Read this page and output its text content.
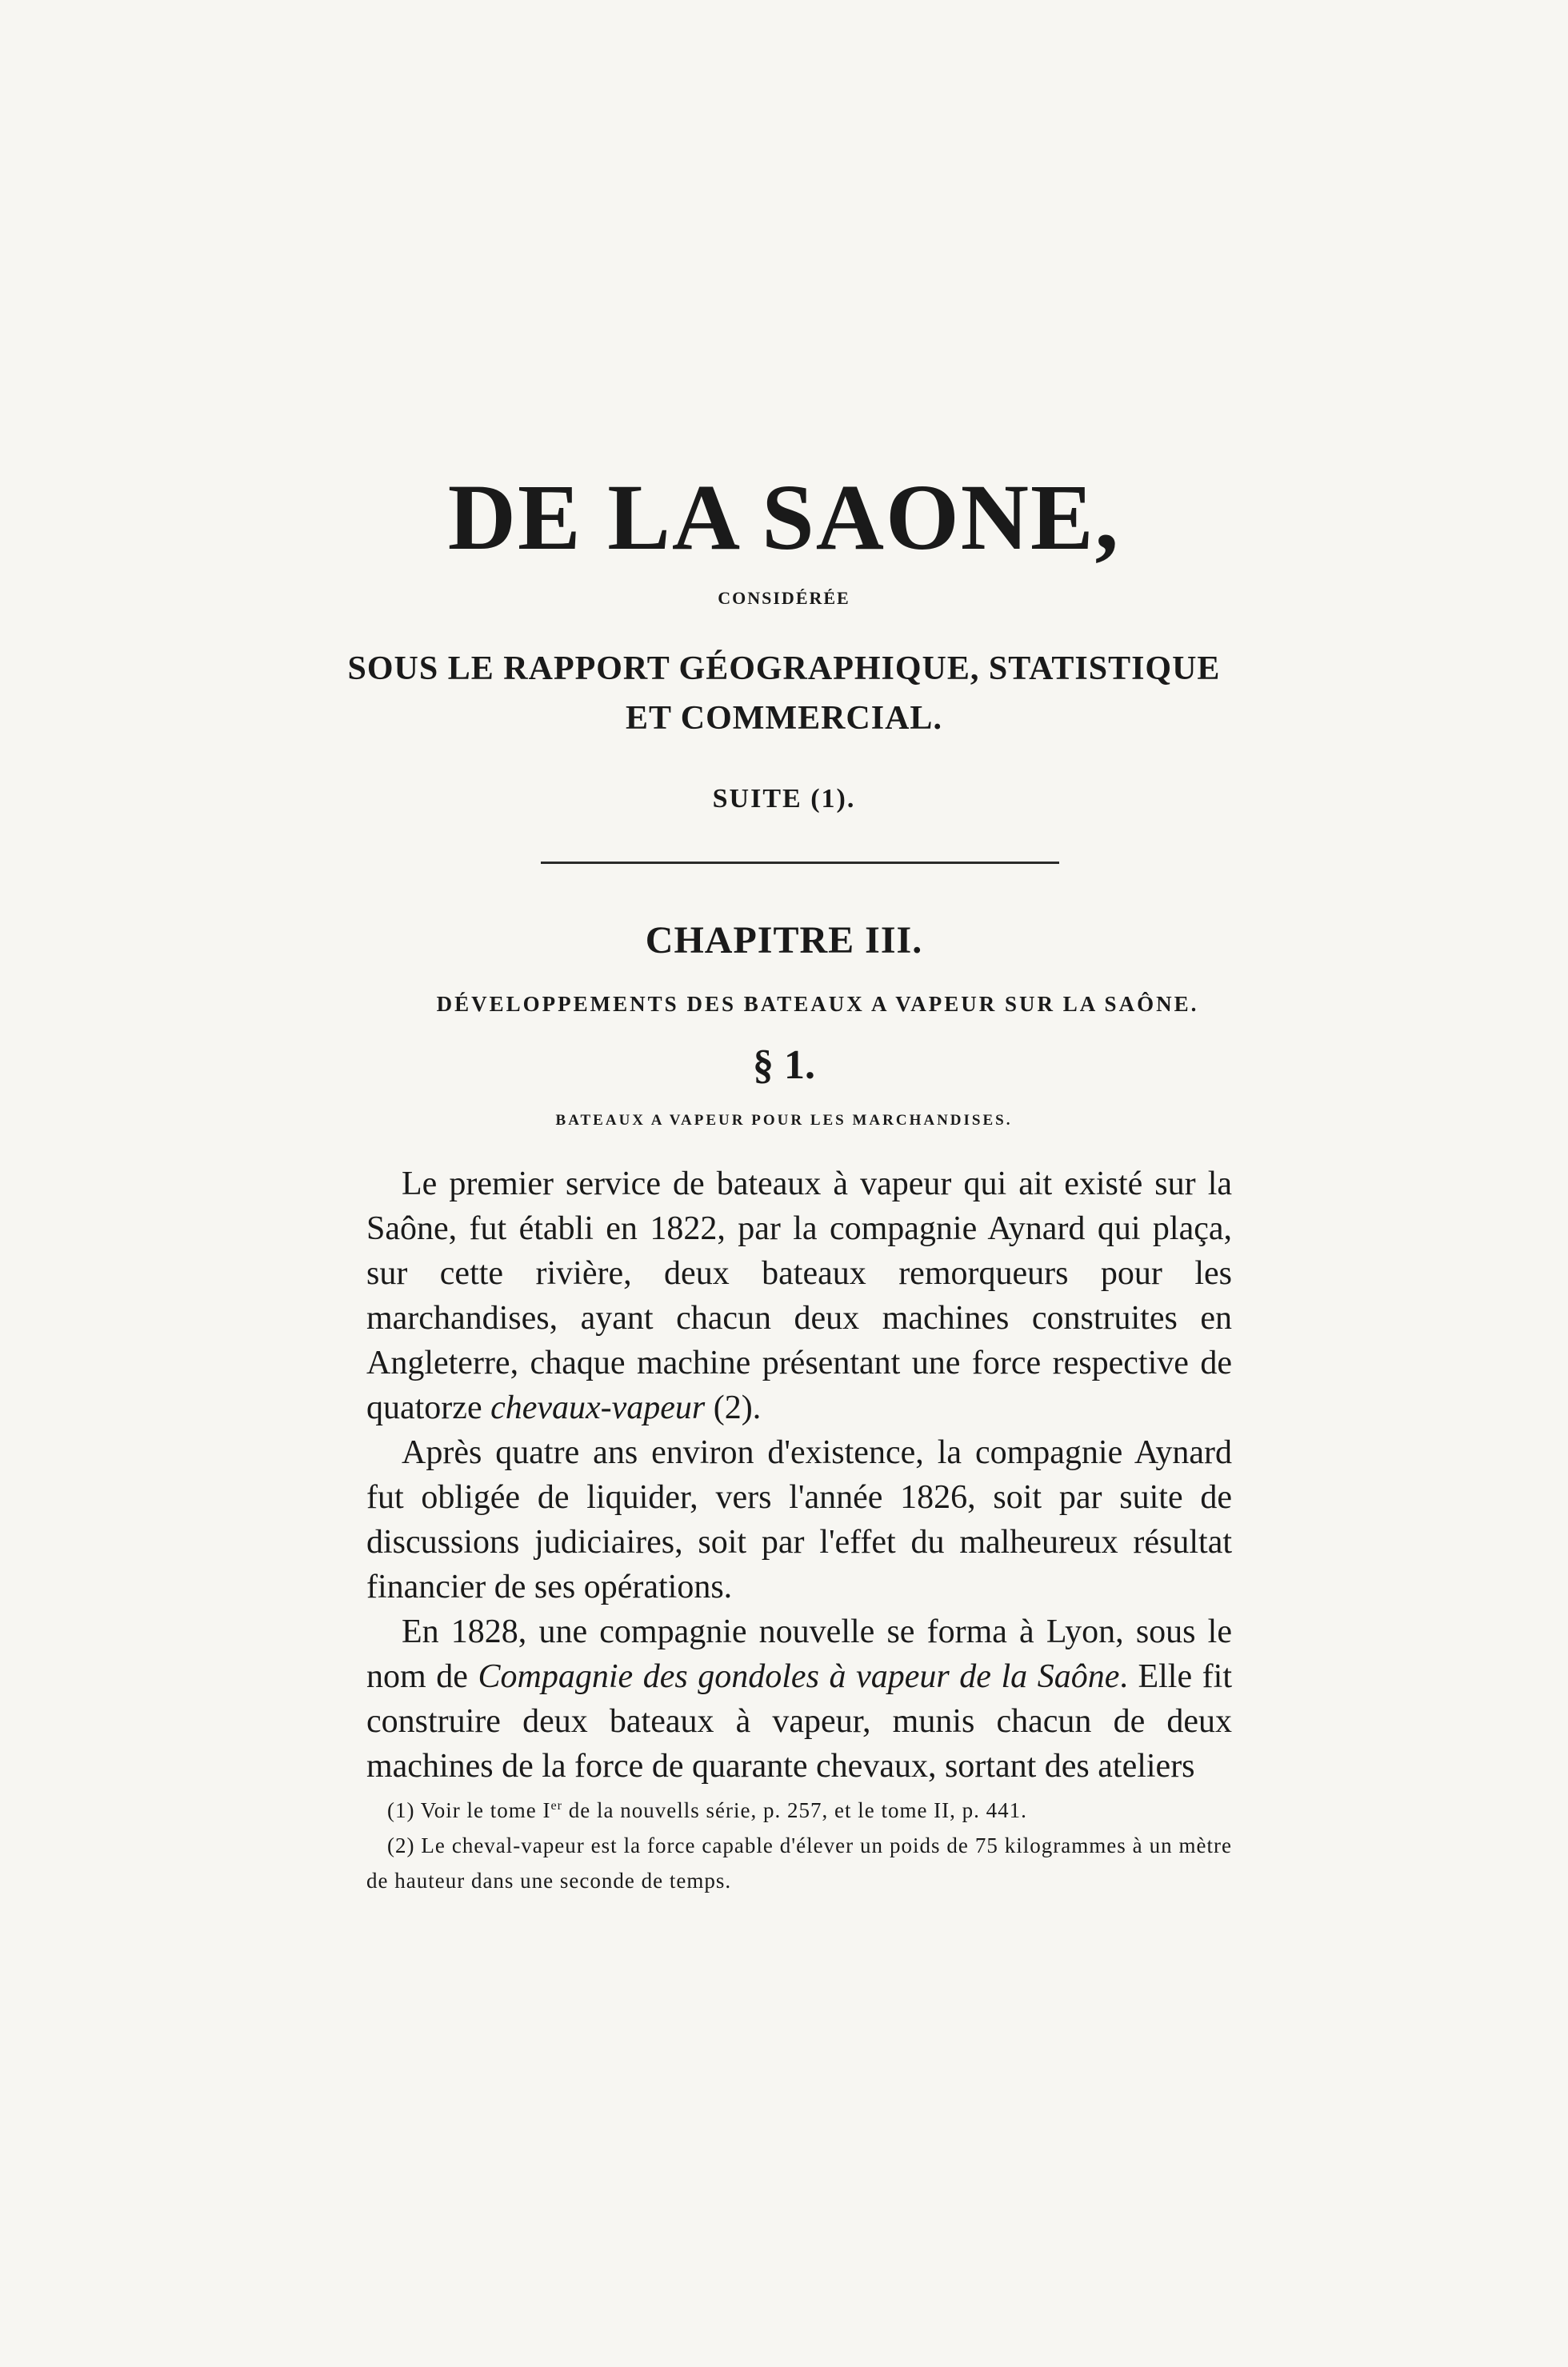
DE LA SAONE,
CONSIDÉRÉE
SOUS LE RAPPORT GÉOGRAPHIQUE, STATISTIQUE
ET COMMERCIAL.
SUITE (1).
CHAPITRE III.
DÉVELOPPEMENTS DES BATEAUX A VAPEUR SUR LA SAÔNE.
§ 1.
BATEAUX A VAPEUR POUR LES MARCHANDISES.

Le premier service de bateaux à vapeur qui ait existé sur la Saône, fut établi en 1822, par la compagnie Aynard qui plaça, sur cette rivière, deux bateaux remorqueurs pour les marchandises, ayant chacun deux machines construites en Angleterre, chaque machine présentant une force respective de quatorze chevaux-vapeur (2).

Après quatre ans environ d'existence, la compagnie Aynard fut obligée de liquider, vers l'année 1826, soit par suite de discussions judiciaires, soit par l'effet du malheureux résultat financier de ses opérations.

En 1828, une compagnie nouvelle se forma à Lyon, sous le nom de Compagnie des gondoles à vapeur de la Saône. Elle fit construire deux bateaux à vapeur, munis chacun de deux machines de la force de quarante chevaux, sortant des ateliers

(1) Voir le tome Ier de la nouvells série, p. 257, et le tome II, p. 441.

(2) Le cheval-vapeur est la force capable d'élever un poids de 75 kilogrammes à un mètre de hauteur dans une seconde de temps.
